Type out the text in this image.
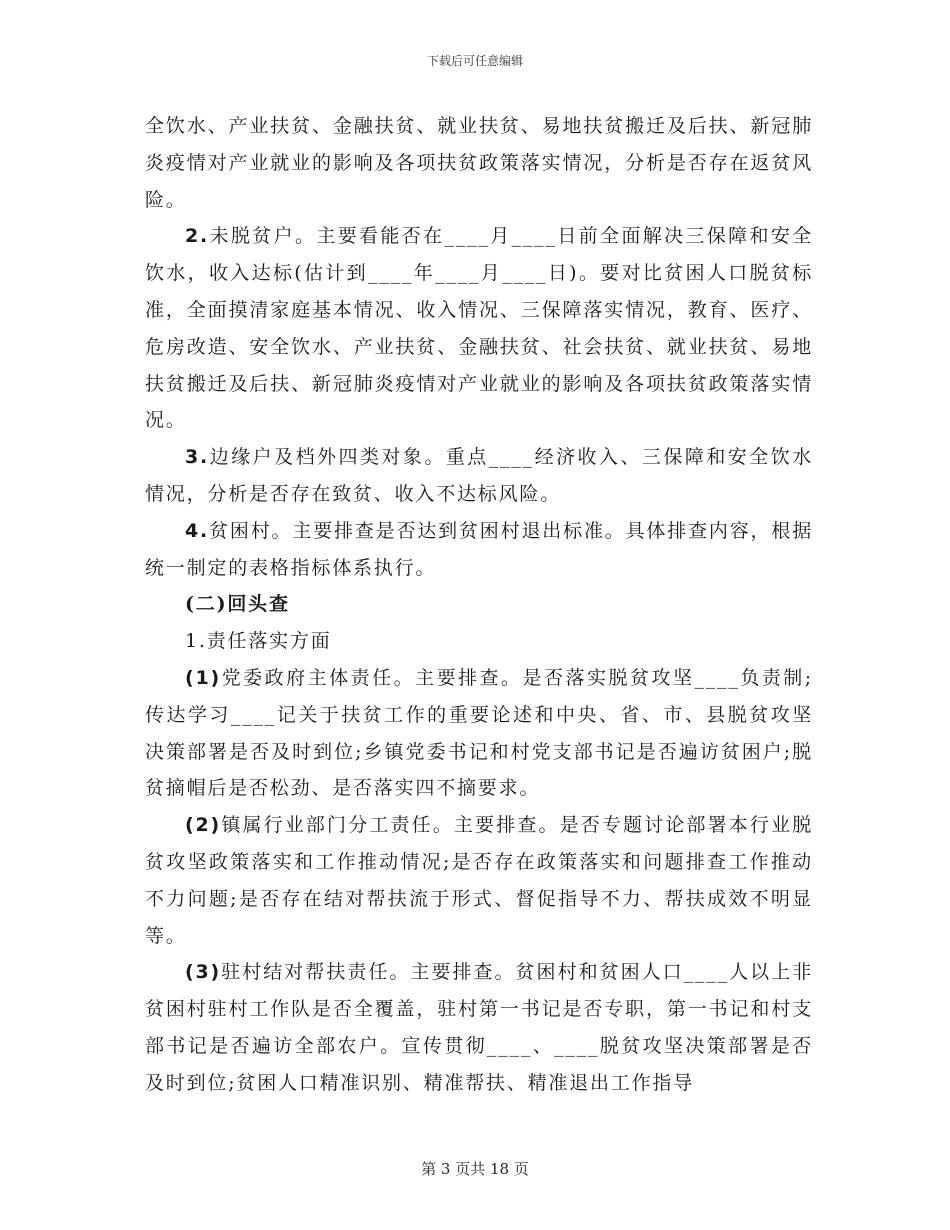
下载后可任意编辑

全饮水、产业扶贫、金融扶贫、就业扶贫、易地扶贫搬迁及后扶、新冠肺炎疫情对产业就业的影响及各项扶贫政策落实情况，分析是否存在返贫风险。

2.未脱贫户。主要看能否在____月____日前全面解决三保障和安全饮水，收入达标(估计到____年____月____日)。要对比贫困人口脱贫标准，全面摸清家庭基本情况、收入情况、三保障落实情况，教育、医疗、危房改造、安全饮水、产业扶贫、金融扶贫、社会扶贫、就业扶贫、易地扶贫搬迁及后扶、新冠肺炎疫情对产业就业的影响及各项扶贫政策落实情况。

3.边缘户及档外四类对象。重点____经济收入、三保障和安全饮水情况，分析是否存在致贫、收入不达标风险。

4.贫困村。主要排查是否达到贫困村退出标准。具体排查内容，根据统一制定的表格指标体系执行。

(二)回头查

1.责任落实方面

(1)党委政府主体责任。主要排查。是否落实脱贫攻坚____负责制;传达学习____记关于扶贫工作的重要论述和中央、省、市、县脱贫攻坚决策部署是否及时到位;乡镇党委书记和村党支部书记是否遍访贫困户;脱贫摘帽后是否松劲、是否落实四不摘要求。

(2)镇属行业部门分工责任。主要排查。是否专题讨论部署本行业脱贫攻坚政策落实和工作推动情况;是否存在政策落实和问题排查工作推动不力问题;是否存在结对帮扶流于形式、督促指导不力、帮扶成效不明显等。

(3)驻村结对帮扶责任。主要排查。贫困村和贫困人口____人以上非贫困村驻村工作队是否全覆盖，驻村第一书记是否专职，第一书记和村支部书记是否遍访全部农户。宣传贯彻____、____脱贫攻坚决策部署是否及时到位;贫困人口精准识别、精准帮扶、精准退出工作指导

第 3 页共 18 页
